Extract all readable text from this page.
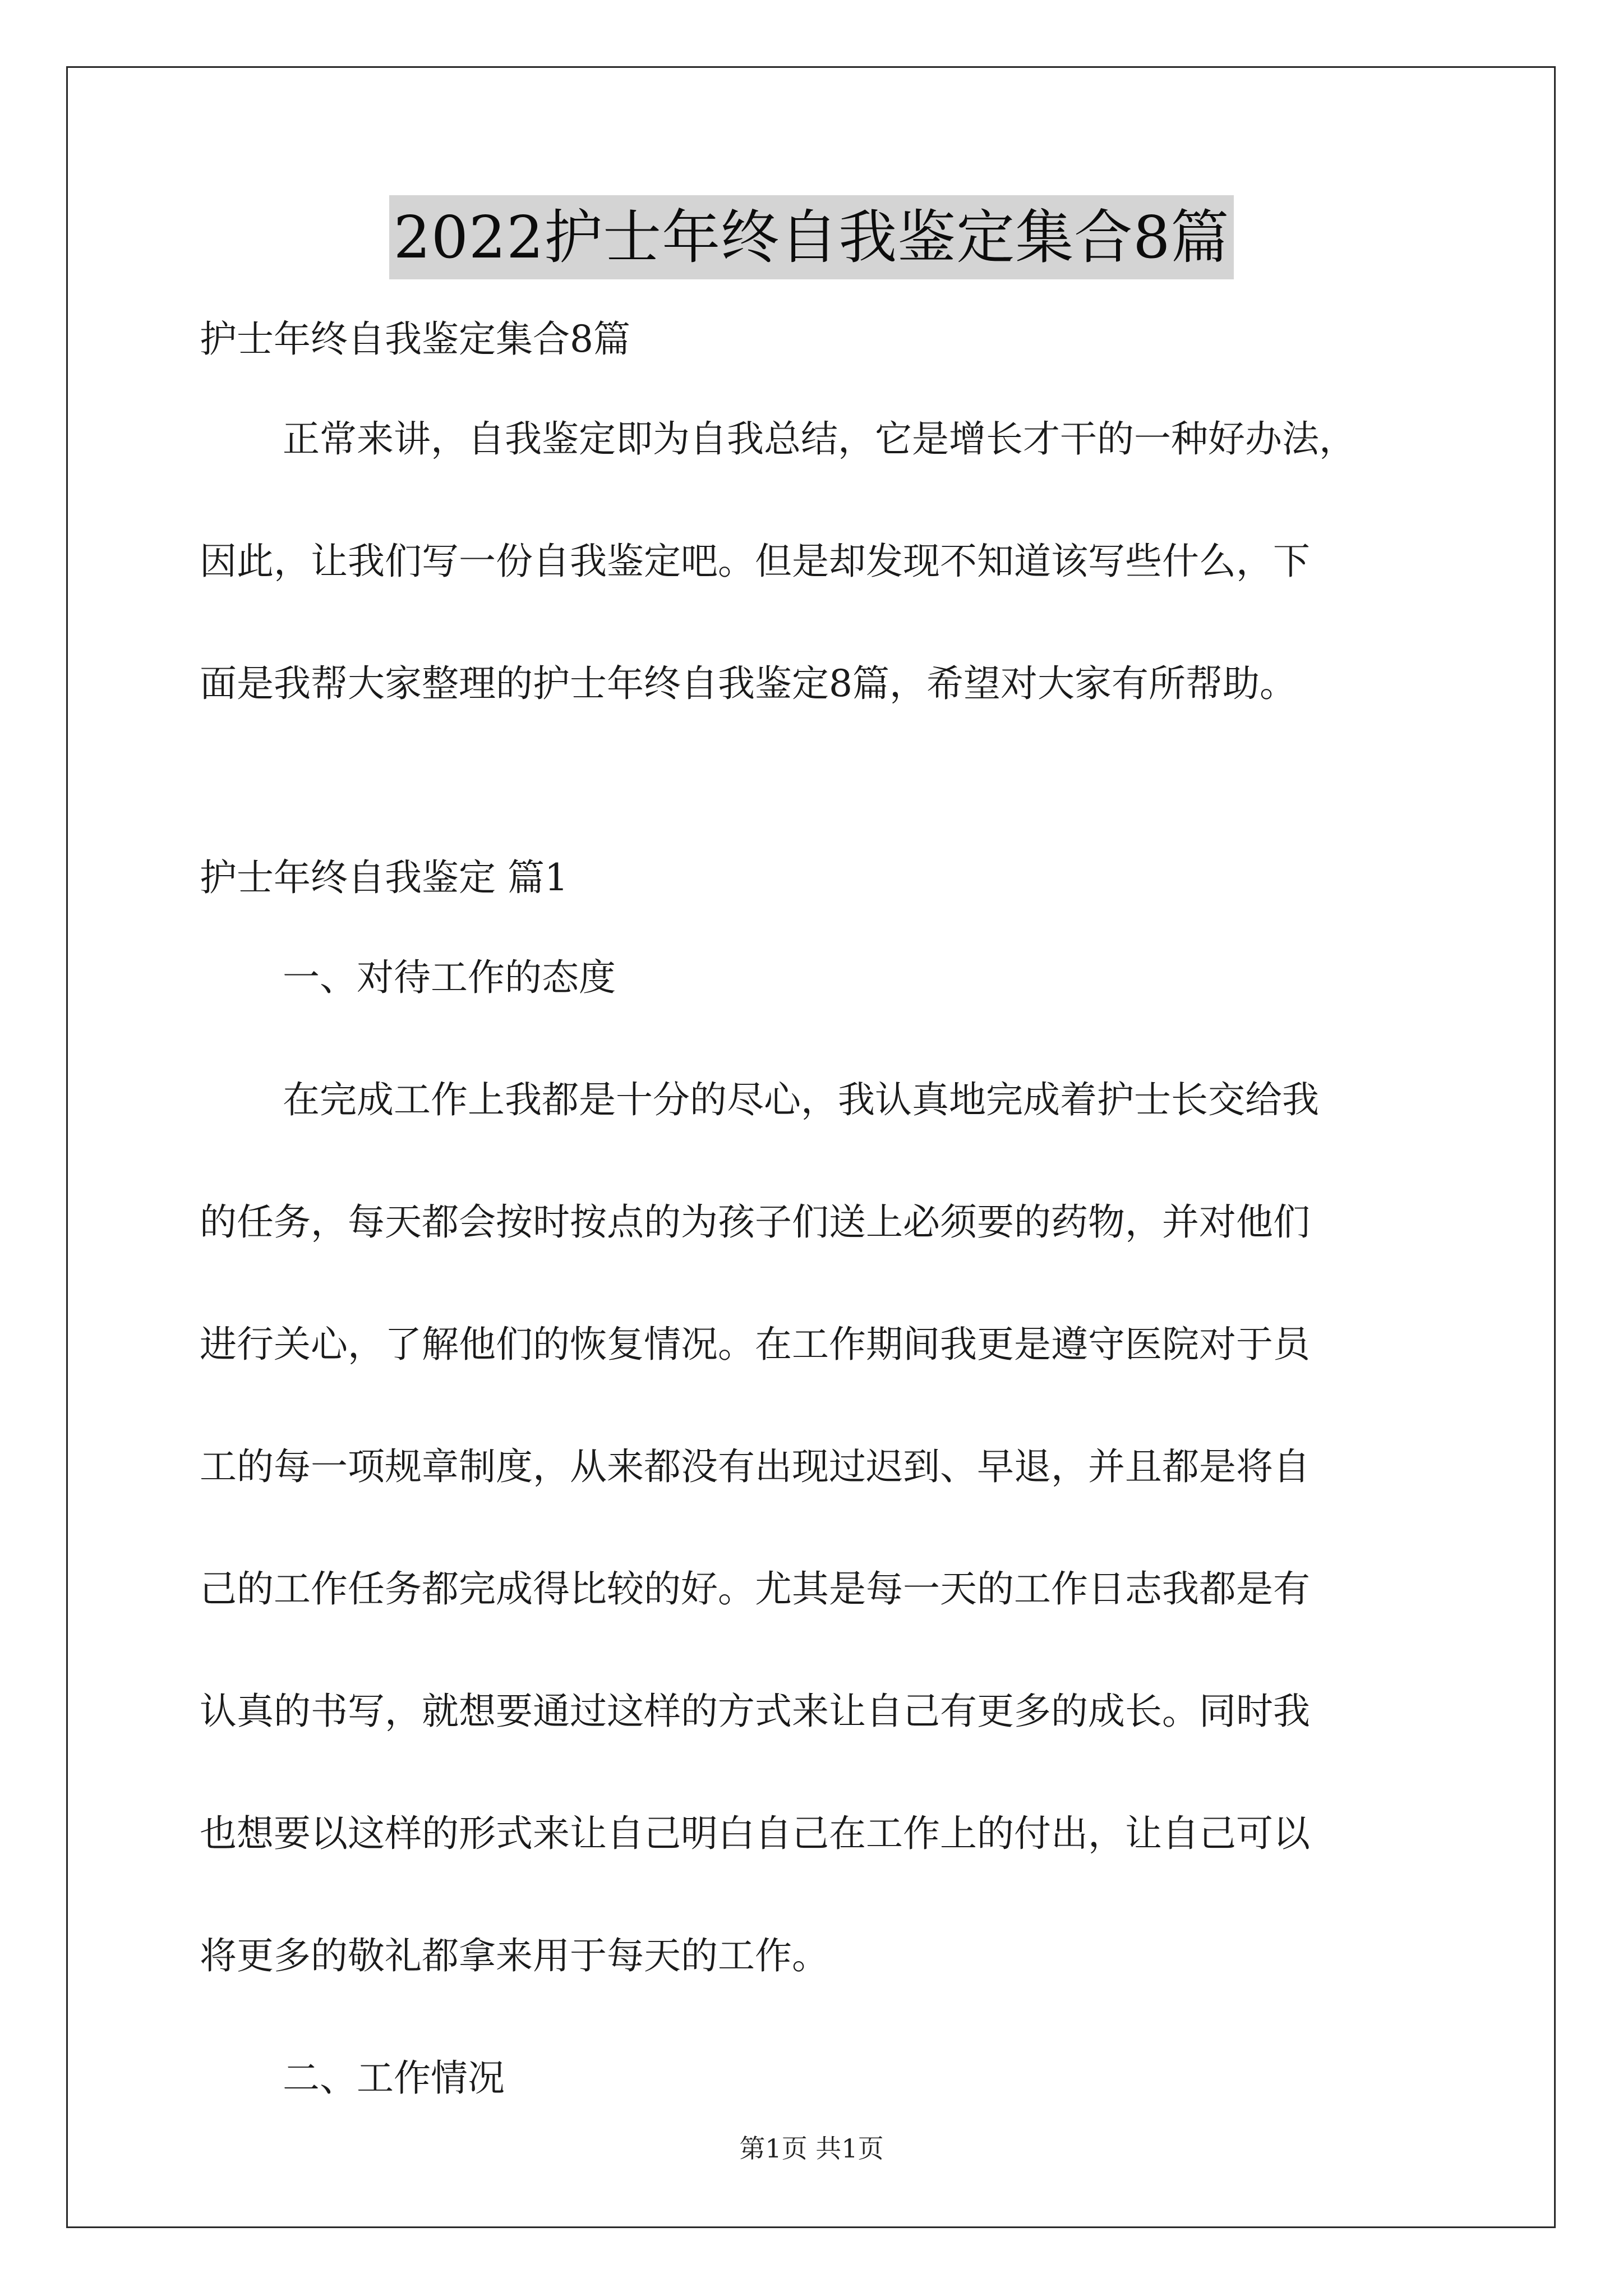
2022护士年终自我鉴定集合8篇
护士年终自我鉴定集合8篇
正常来讲，自我鉴定即为自我总结，它是增长才干的一种好办法，
因此，让我们写一份自我鉴定吧。但是却发现不知道该写些什么，下
面是我帮大家整理的护士年终自我鉴定8篇，希望对大家有所帮助。
护士年终自我鉴定 篇1
一、对待工作的态度
在完成工作上我都是十分的尽心，我认真地完成着护士长交给我
的任务，每天都会按时按点的为孩子们送上必须要的药物，并对他们
进行关心，了解他们的恢复情况。在工作期间我更是遵守医院对于员
工的每一项规章制度，从来都没有出现过迟到、早退，并且都是将自
己的工作任务都完成得比较的好。尤其是每一天的工作日志我都是有
认真的书写，就想要通过这样的方式来让自己有更多的成长。同时我
也想要以这样的形式来让自己明白自己在工作上的付出，让自己可以
将更多的敬礼都拿来用于每天的工作。
二、工作情况
第1页 共1页
